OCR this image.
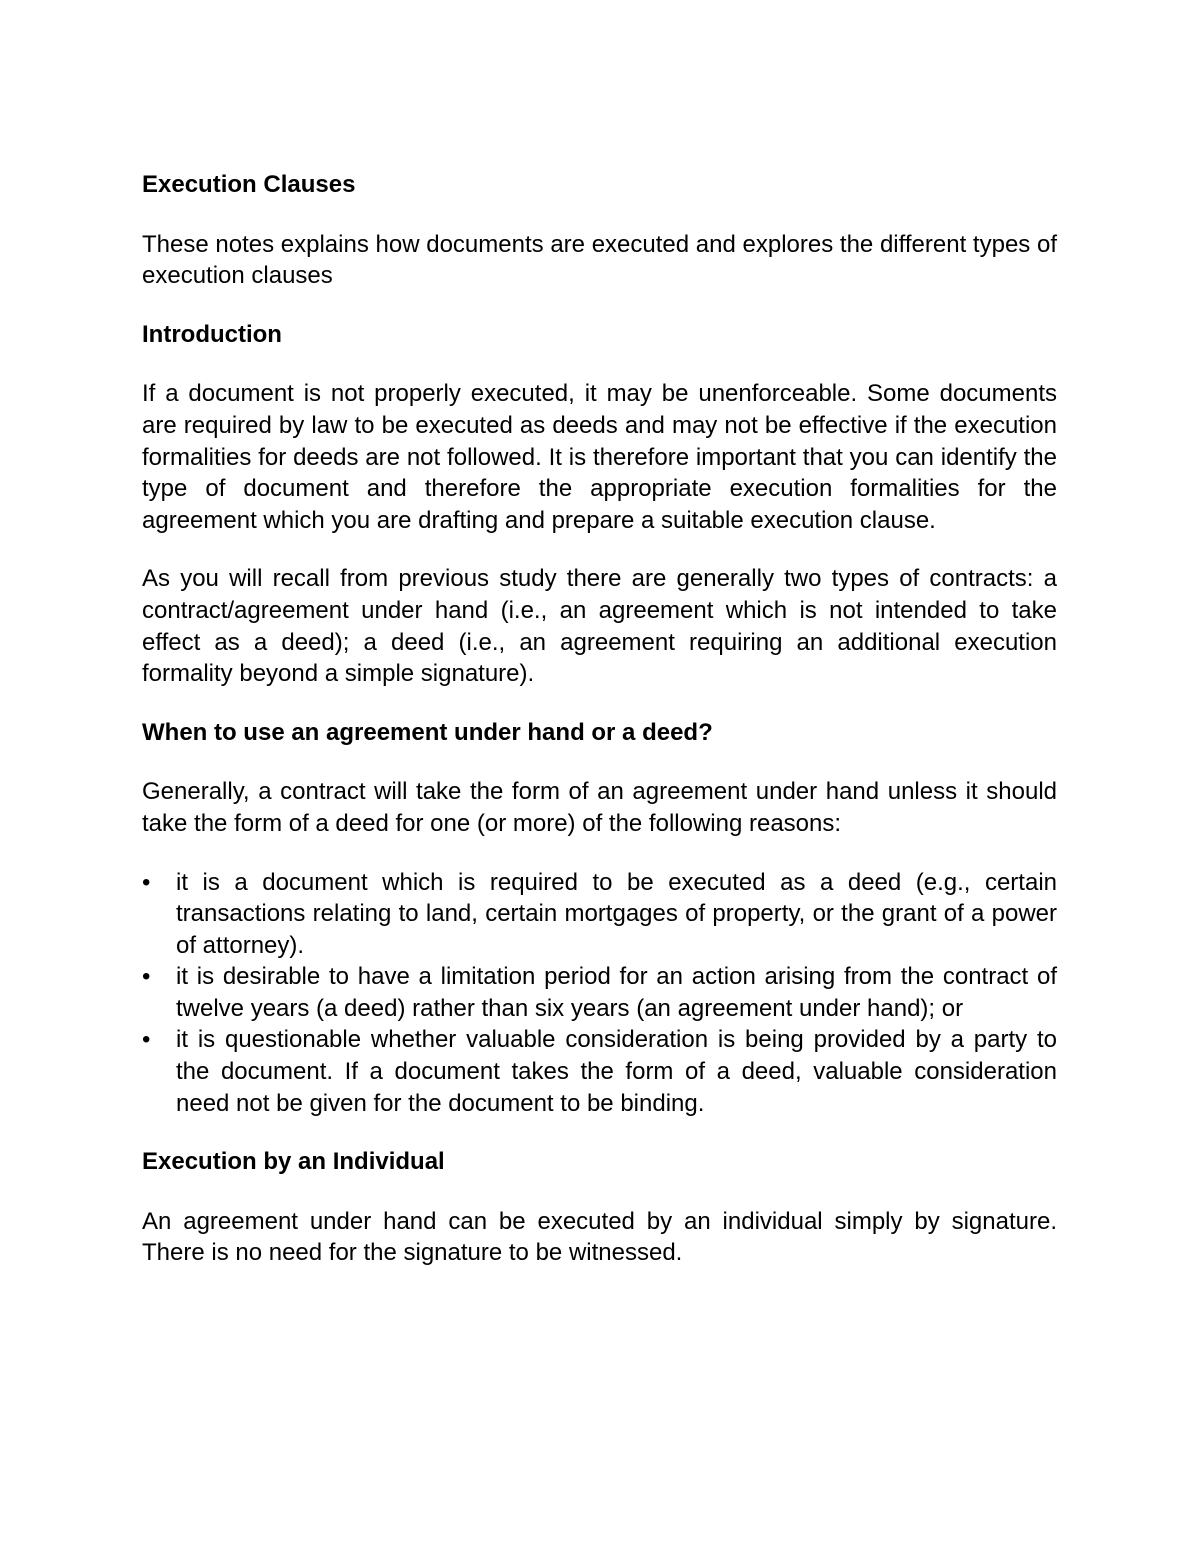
Execution Clauses

These notes explains how documents are executed and explores the different types of execution clauses

Introduction

If a document is not properly executed, it may be unenforceable. Some documents are required by law to be executed as deeds and may not be effective if the execution formalities for deeds are not followed. It is therefore important that you can identify the type of document and therefore the appropriate execution formalities for the agreement which you are drafting and prepare a suitable execution clause.

As you will recall from previous study there are generally two types of contracts: a contract/agreement under hand (i.e., an agreement which is not intended to take effect as a deed); a deed (i.e., an agreement requiring an additional execution formality beyond a simple signature).

When to use an agreement under hand or a deed?

Generally, a contract will take the form of an agreement under hand unless it should take the form of a deed for one (or more) of the following reasons:

• it is a document which is required to be executed as a deed (e.g., certain transactions relating to land, certain mortgages of property, or the grant of a power of attorney).
• it is desirable to have a limitation period for an action arising from the contract of twelve years (a deed) rather than six years (an agreement under hand); or
• it is questionable whether valuable consideration is being provided by a party to the document. If a document takes the form of a deed, valuable consideration need not be given for the document to be binding.
Execution by an Individual

An agreement under hand can be executed by an individual simply by signature. There is no need for the signature to be witnessed.
